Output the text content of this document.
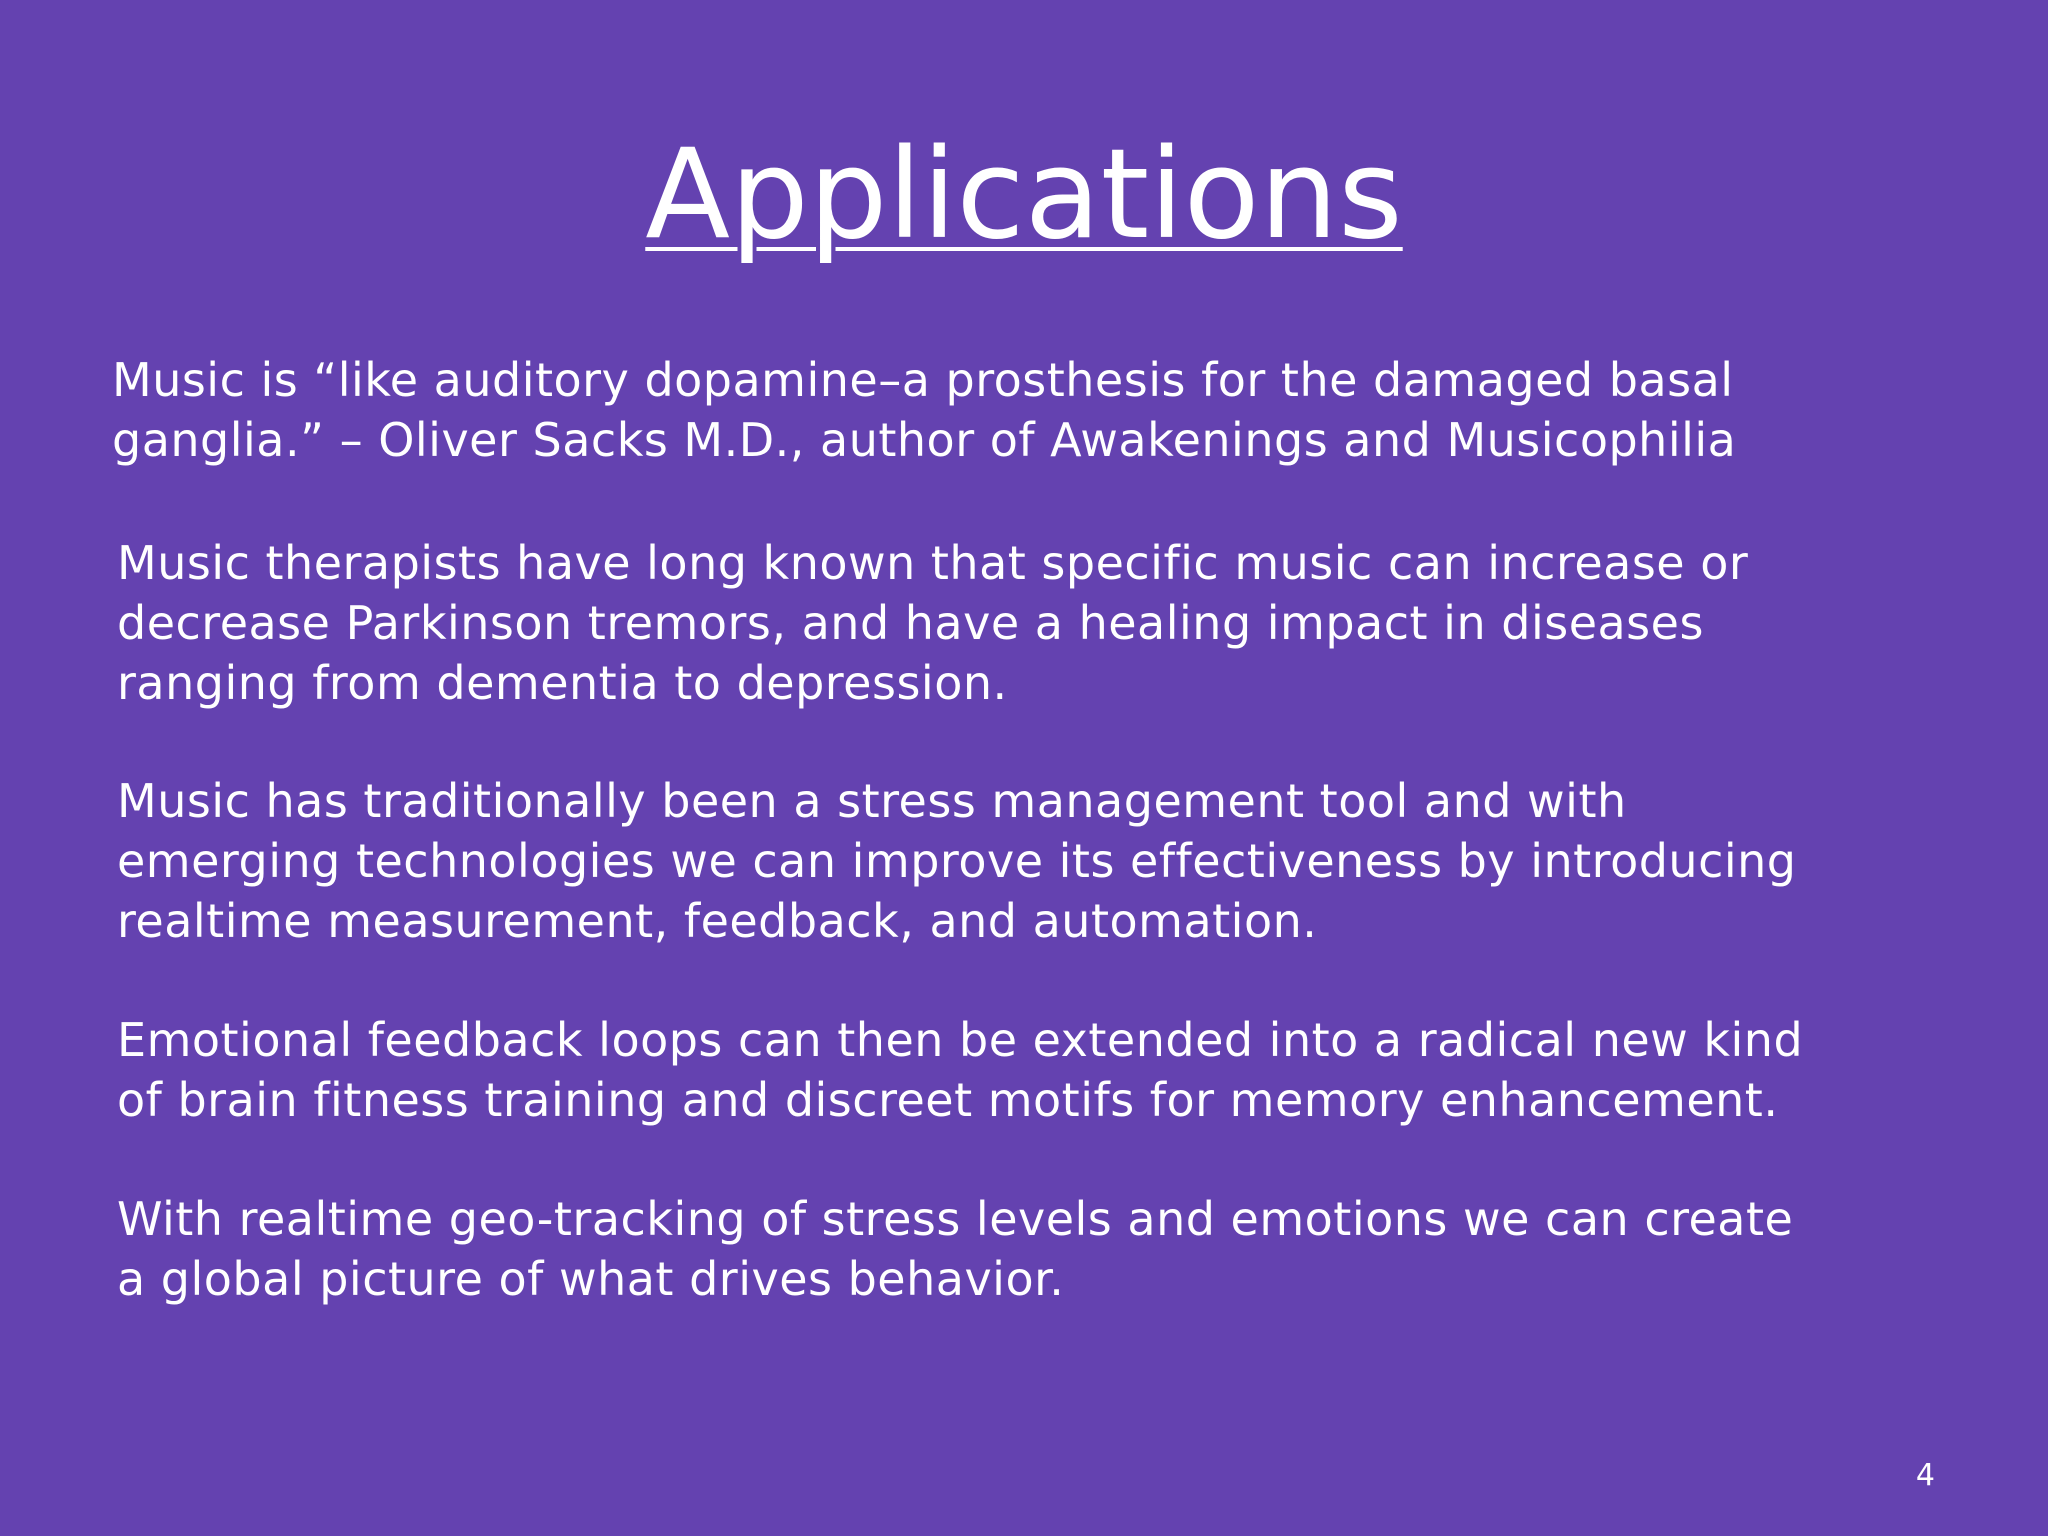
Applications

Music is “like auditory dopamine–a prosthesis for the damaged basal
ganglia.” – Oliver Sacks M.D., author of Awakenings and Musicophilia

Music therapists have long known that specific music can increase or
decrease Parkinson tremors, and have a healing impact in diseases
ranging from dementia to depression.

Music has traditionally been a stress management tool and with
emerging technologies we can improve its effectiveness by introducing
realtime measurement, feedback, and automation.

Emotional feedback loops can then be extended into a radical new kind
of brain fitness training and discreet motifs for memory enhancement.

With realtime geo-tracking of stress levels and emotions we can create
a global picture of what drives behavior.

4
